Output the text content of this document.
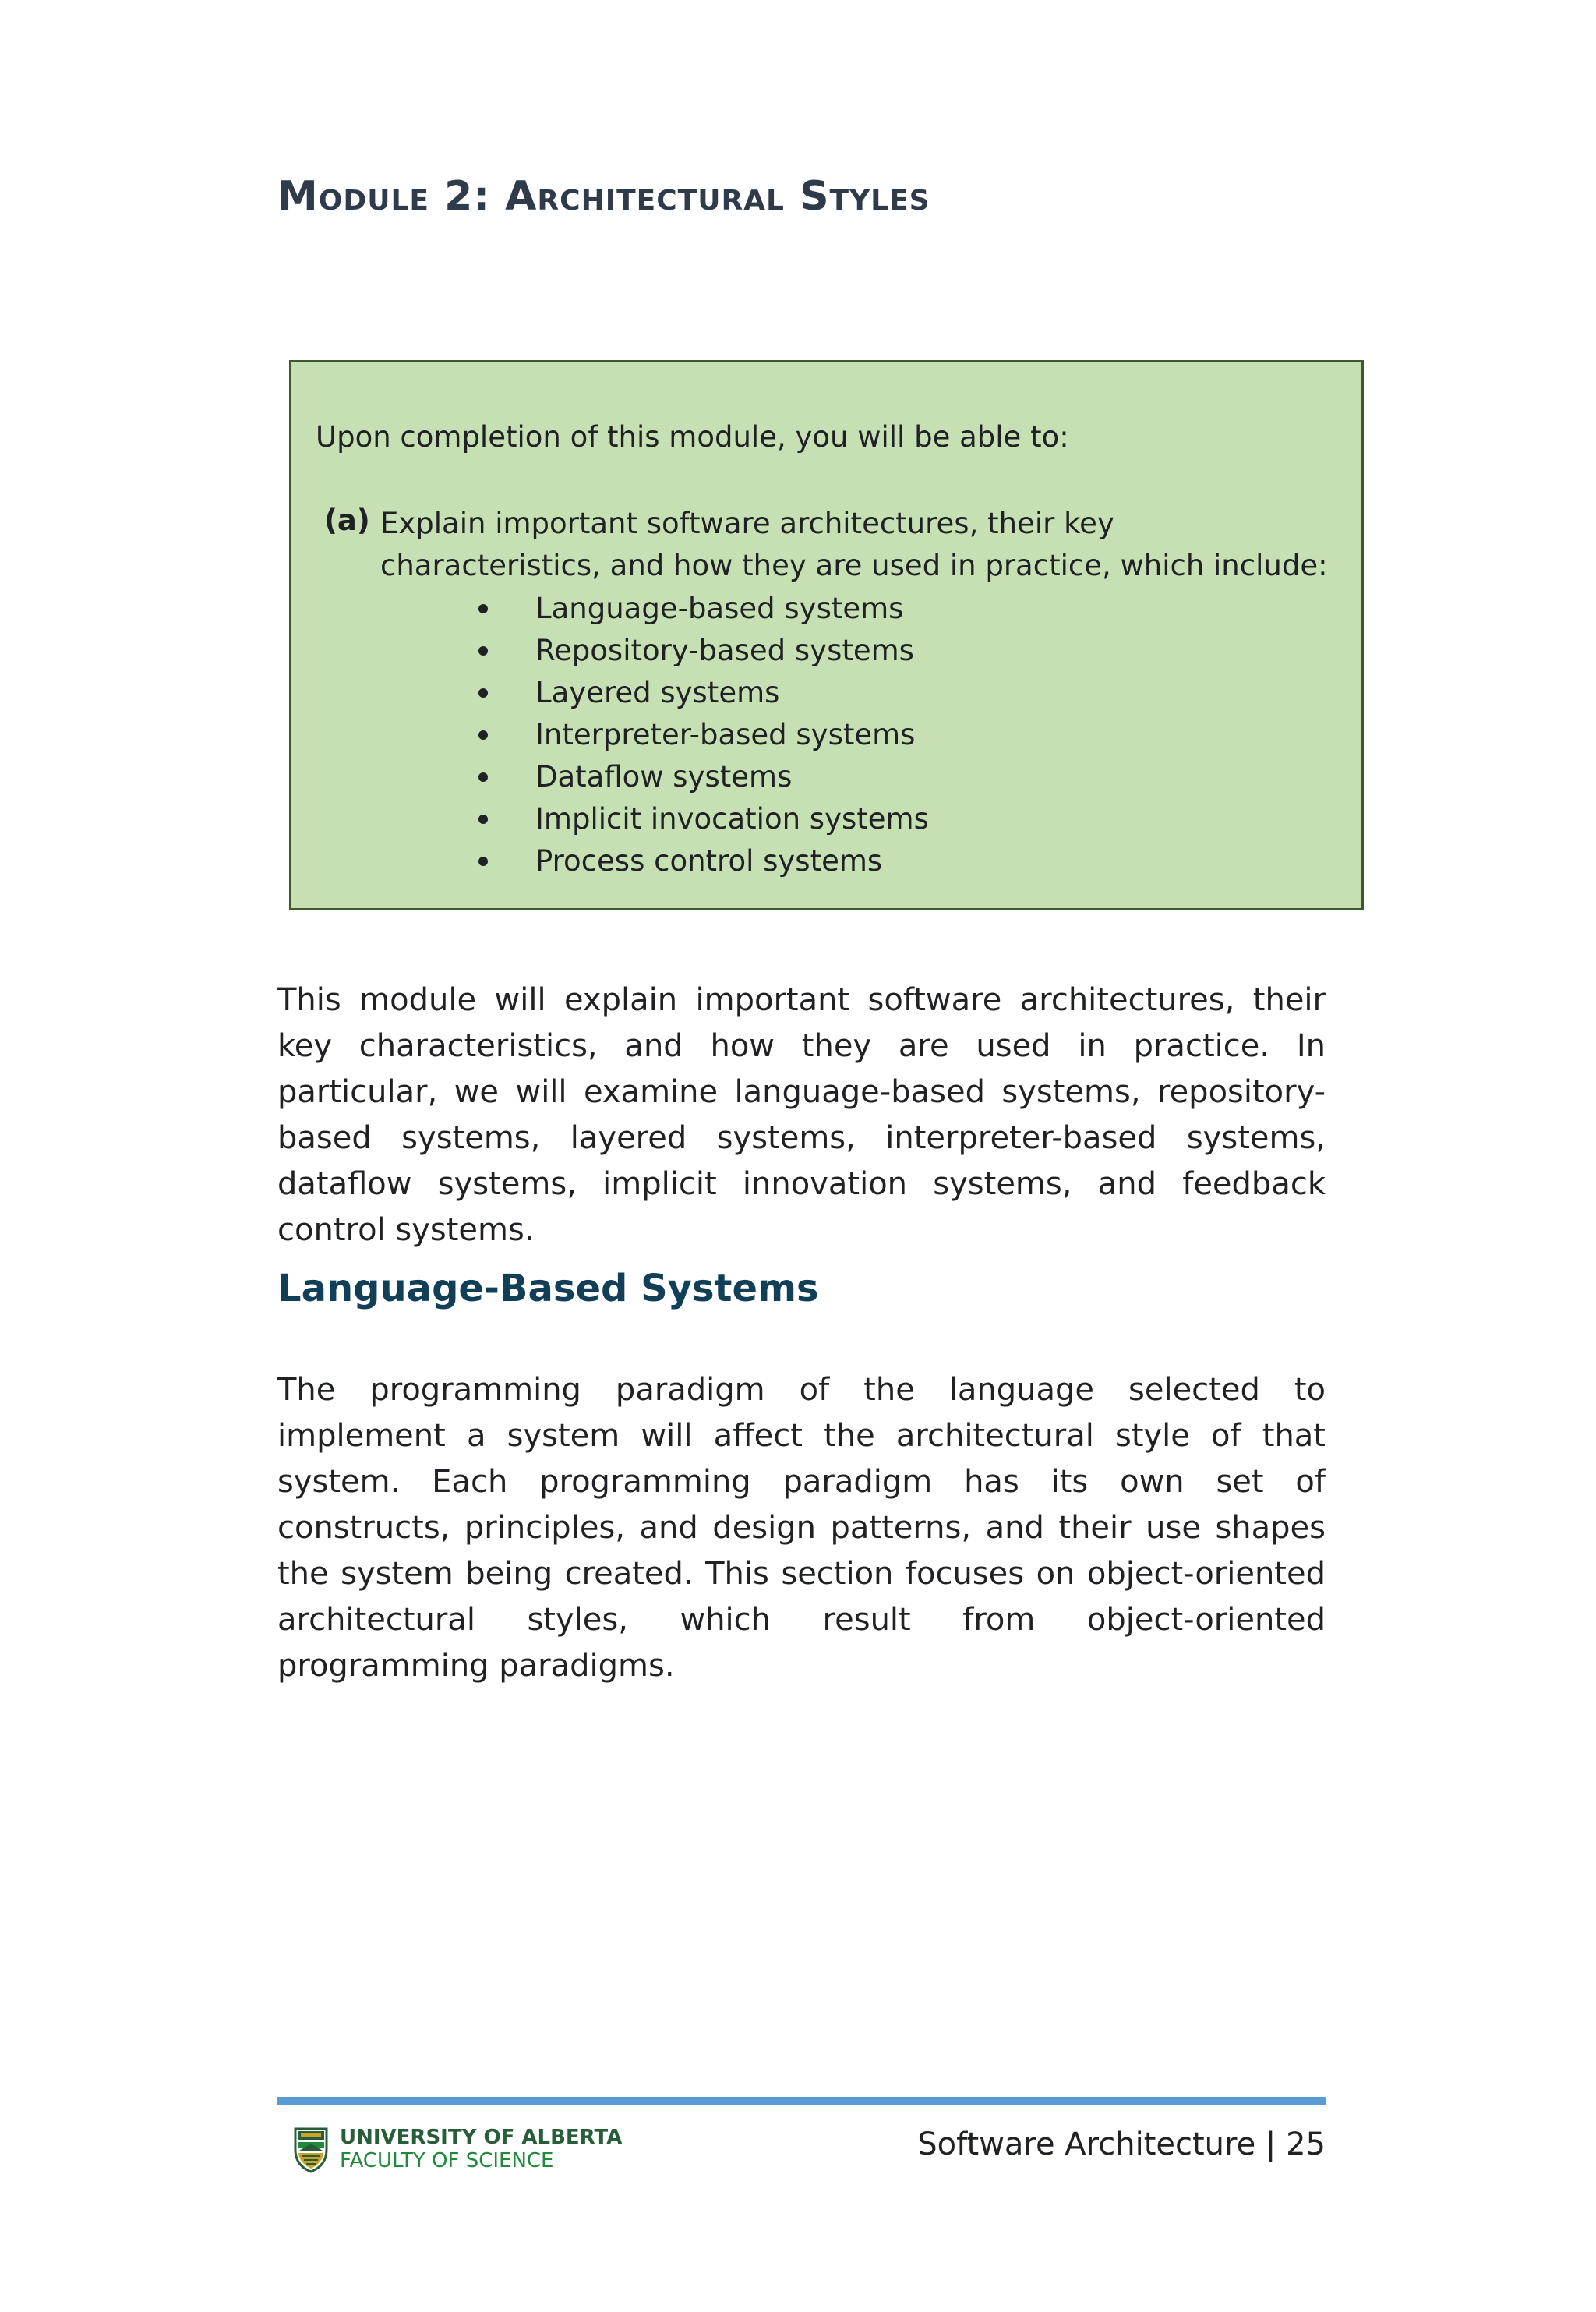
Module 2: Architectural Styles
Upon completion of this module, you will be able to:
(a) Explain important software architectures, their key characteristics, and how they are used in practice, which include:
Language-based systems
Repository-based systems
Layered systems
Interpreter-based systems
Dataflow systems
Implicit invocation systems
Process control systems

This module will explain important software architectures, their key characteristics, and how they are used in practice. In particular, we will examine language-based systems, repository-based systems, layered systems, interpreter-based systems, dataflow systems, implicit innovation systems, and feedback control systems.

Language-Based Systems

The programming paradigm of the language selected to implement a system will affect the architectural style of that system. Each programming paradigm has its own set of constructs, principles, and design patterns, and their use shapes the system being created. This section focuses on object-oriented architectural styles, which result from object-oriented programming paradigms.

UNIVERSITY OF ALBERTA
FACULTY OF SCIENCE	Software Architecture | 25
